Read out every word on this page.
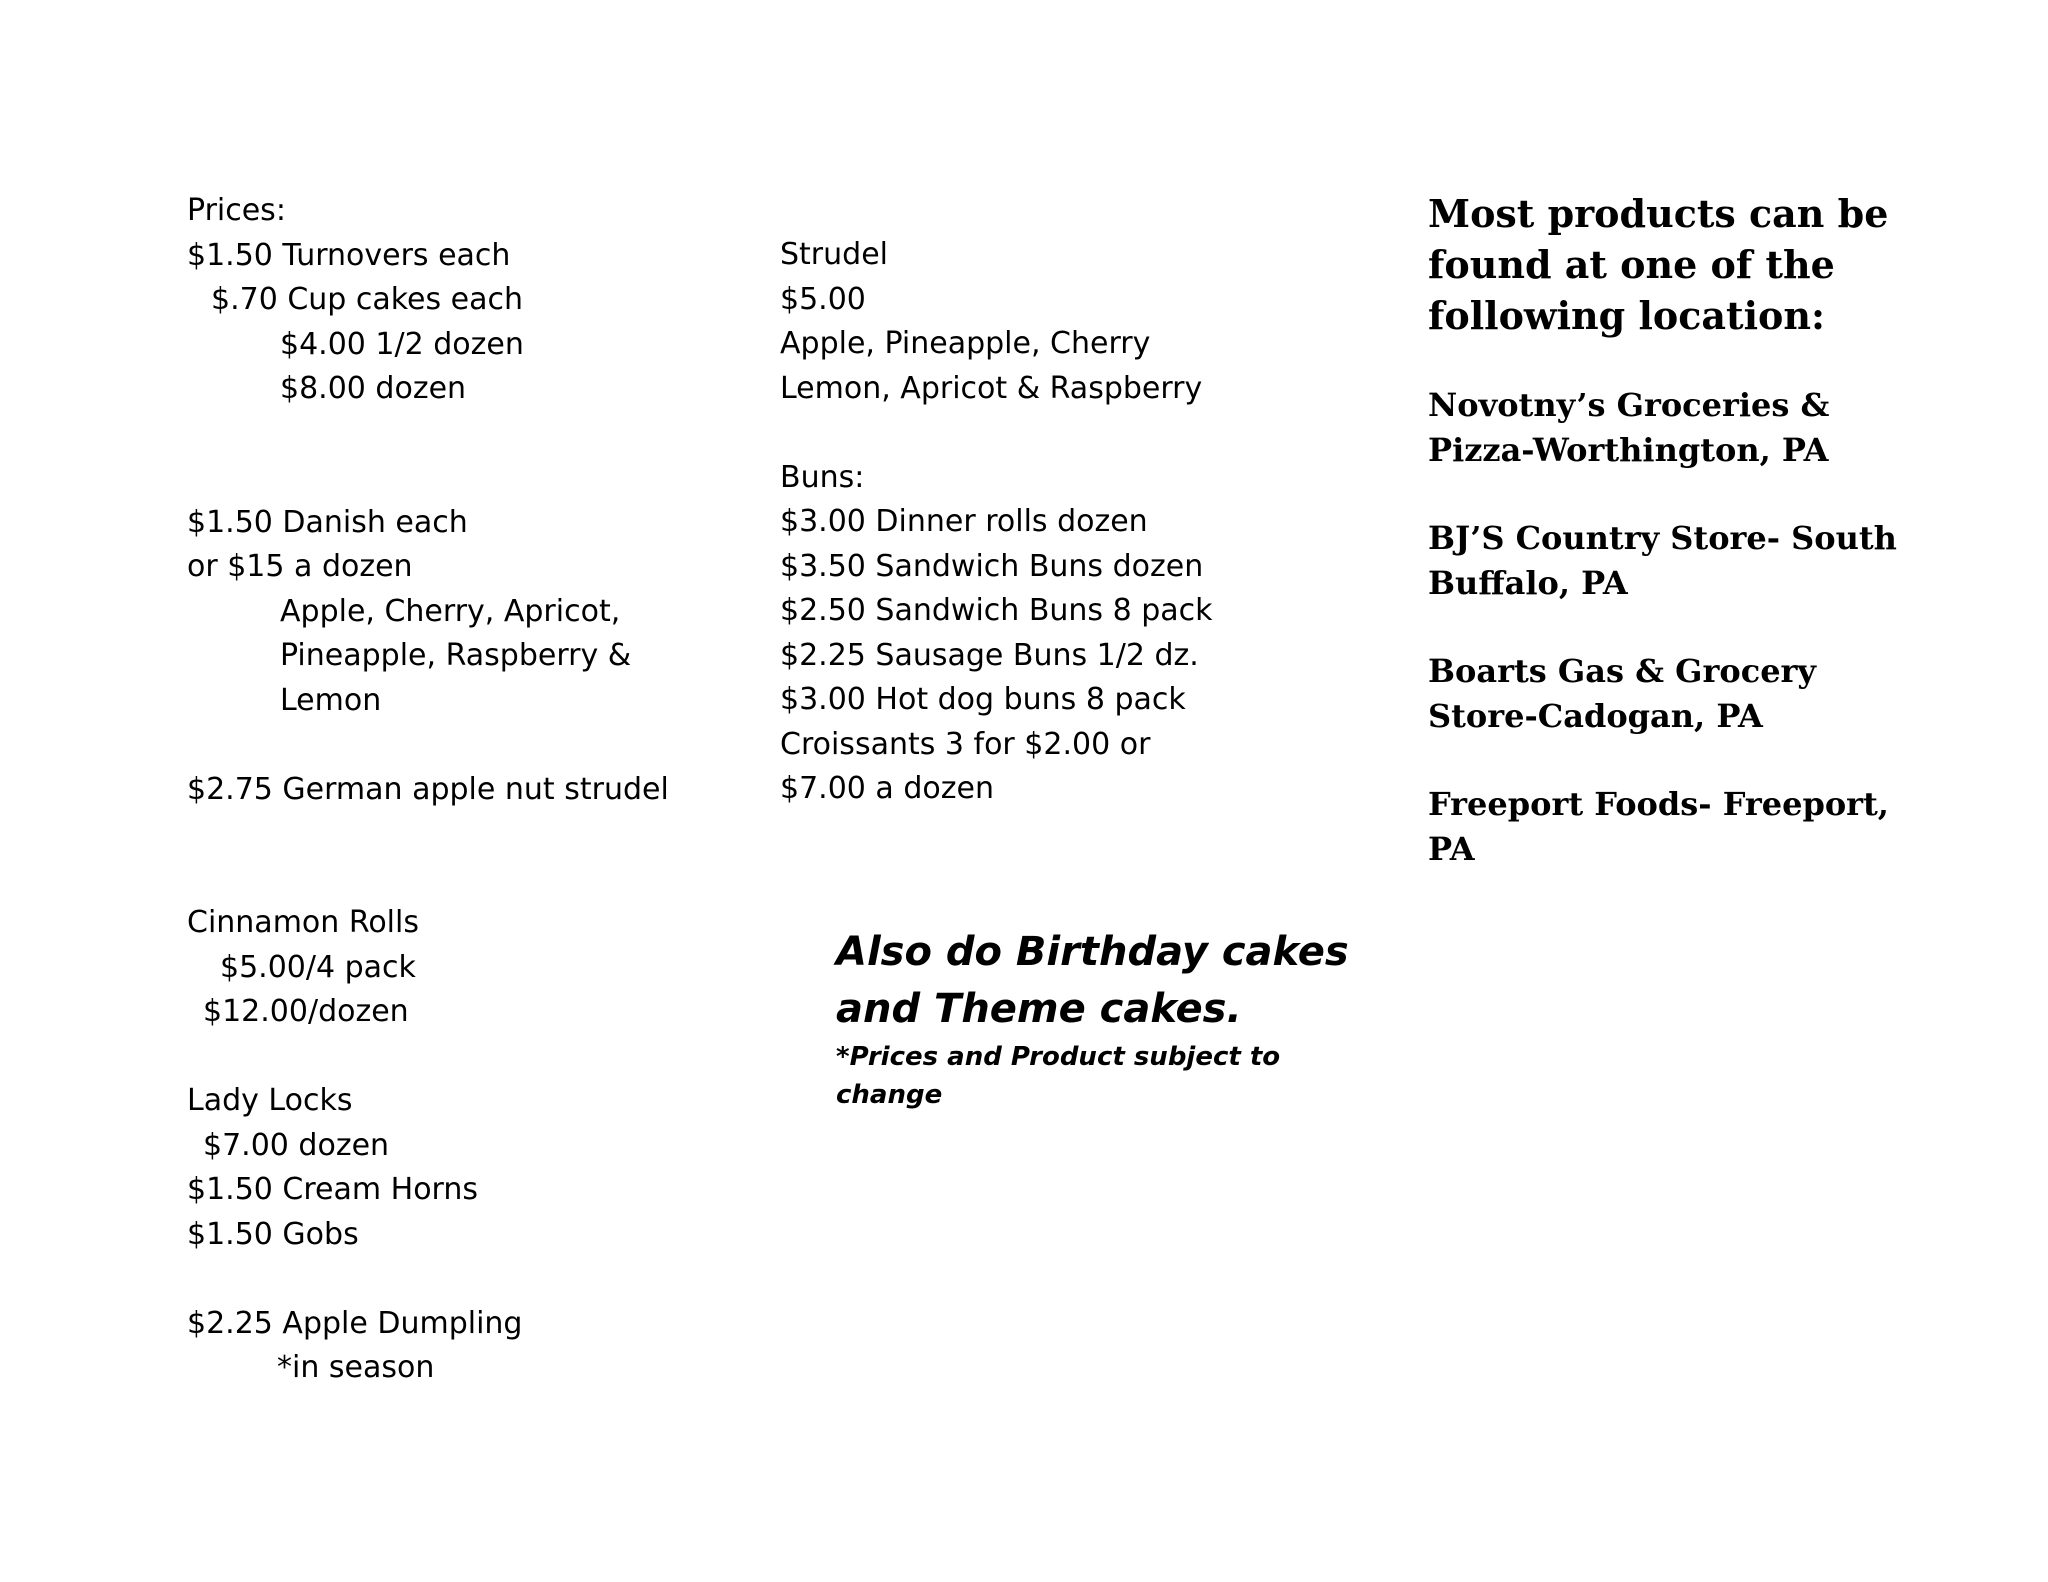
Prices:
$1.50 Turnovers each
$.70 Cup cakes each
$4.00 1/2 dozen
$8.00 dozen
$1.50 Danish each
or $15 a dozen
Apple, Cherry, Apricot,
Pineapple, Raspberry &
Lemon
$2.75 German apple nut strudel
Cinnamon Rolls
$5.00/4 pack
$12.00/dozen
Lady Locks
$7.00 dozen
$1.50 Cream Horns
$1.50 Gobs
$2.25 Apple Dumpling
*in season
Strudel
$5.00
Apple, Pineapple, Cherry
Lemon, Apricot & Raspberry
Buns:
$3.00 Dinner rolls dozen
$3.50 Sandwich Buns dozen
$2.50 Sandwich Buns 8 pack
$2.25 Sausage Buns 1/2 dz.
$3.00 Hot dog buns 8 pack
Croissants 3 for $2.00 or
$7.00 a dozen
Also do Birthday cakes
and Theme cakes.
*Prices and Product subject to
change
Most products can be
found at one of the
following location:
Novotny’s Groceries &
Pizza-Worthington, PA
BJ’S Country Store- South
Buffalo, PA
Boarts Gas & Grocery
Store-Cadogan, PA
Freeport Foods- Freeport,
PA
